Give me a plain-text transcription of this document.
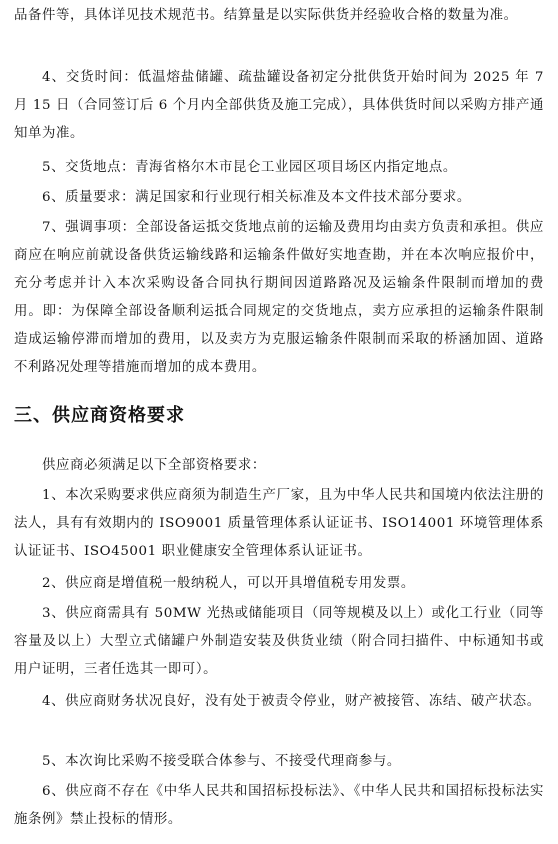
品备件等，具体详见技术规范书。结算量是以实际供货并经验收合格的数量为准。
4、交货时间：低温熔盐储罐、疏盐罐设备初定分批供货开始时间为 2025 年 7 月 15 日（合同签订后 6 个月内全部供货及施工完成），具体供货时间以采购方排产通知单为准。
5、交货地点：青海省格尔木市昆仑工业园区项目场区内指定地点。
6、质量要求：满足国家和行业现行相关标准及本文件技术部分要求。
7、强调事项：全部设备运抵交货地点前的运输及费用均由卖方负责和承担。供应商应在响应前就设备供货运输线路和运输条件做好实地查勘，并在本次响应报价中，充分考虑并计入本次采购设备合同执行期间因道路路况及运输条件限制而增加的费用。即：为保障全部设备顺利运抵合同规定的交货地点，卖方应承担的运输条件限制造成运输停滞而增加的费用，以及卖方为克服运输条件限制而采取的桥涵加固、道路不利路况处理等措施而增加的成本费用。
三、供应商资格要求
供应商必须满足以下全部资格要求：
1、本次采购要求供应商须为制造生产厂家，且为中华人民共和国境内依法注册的法人，具有有效期内的 ISO9001 质量管理体系认证证书、ISO14001 环境管理体系认证证书、ISO45001 职业健康安全管理体系认证证书。
2、供应商是增值税一般纳税人，可以开具增值税专用发票。
3、供应商需具有 50MW 光热或储能项目（同等规模及以上）或化工行业（同等容量及以上）大型立式储罐户外制造安装及供货业绩（附合同扫描件、中标通知书或用户证明，三者任选其一即可）。
4、供应商财务状况良好，没有处于被责令停业，财产被接管、冻结、破产状态。
5、本次询比采购不接受联合体参与、不接受代理商参与。
6、供应商不存在《中华人民共和国招标投标法》、《中华人民共和国招标投标法实施条例》禁止投标的情形。
